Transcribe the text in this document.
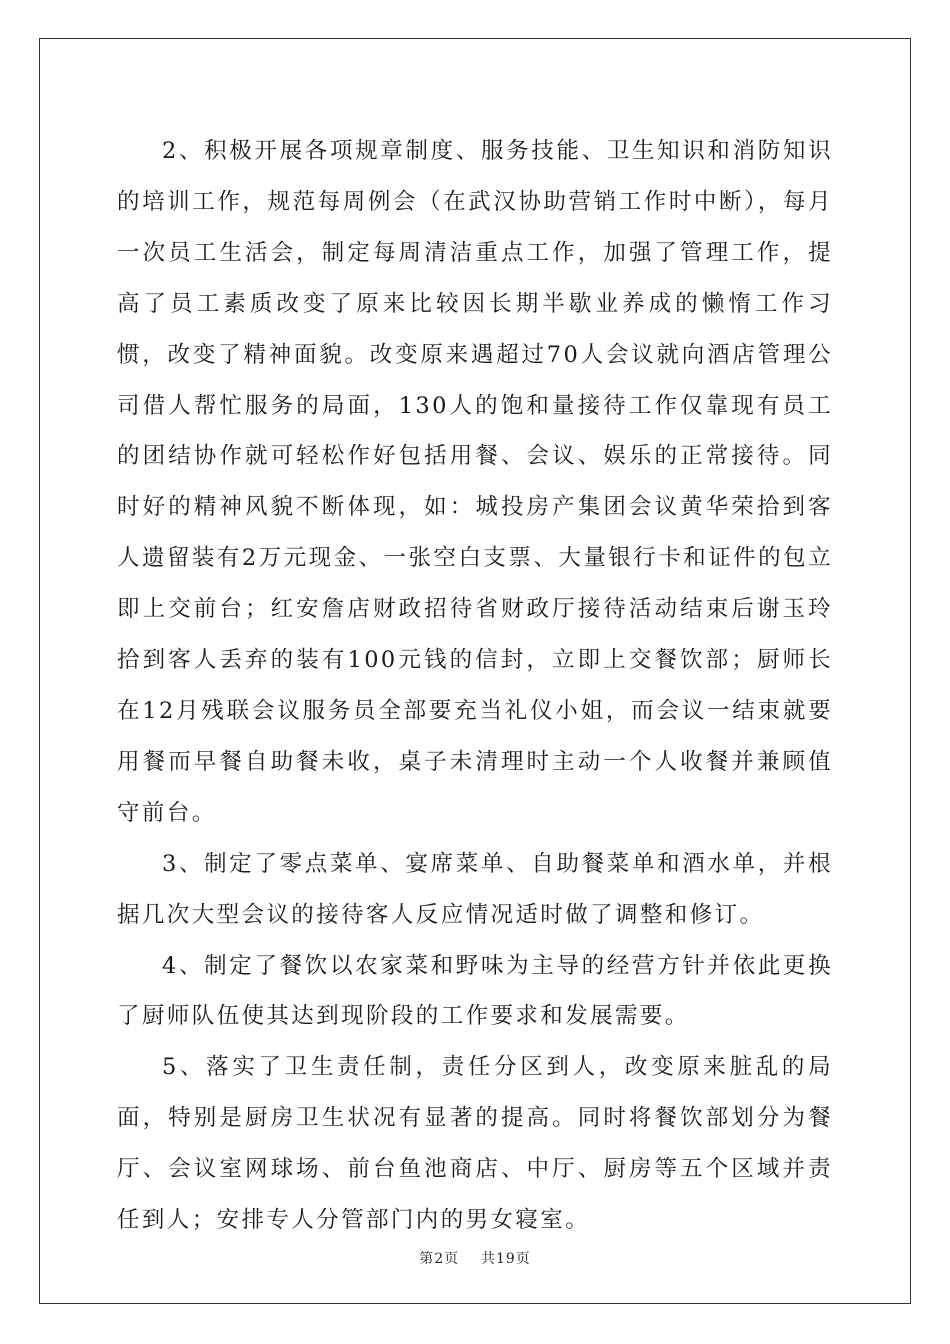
2、积极开展各项规章制度、服务技能、卫生知识和消防知识的培训工作，规范每周例会（在武汉协助营销工作时中断），每月一次员工生活会，制定每周清洁重点工作，加强了管理工作，提高了员工素质改变了原来比较因长期半歇业养成的懒惰工作习惯，改变了精神面貌。改变原来遇超过70人会议就向酒店管理公司借人帮忙服务的局面，130人的饱和量接待工作仅靠现有员工的团结协作就可轻松作好包括用餐、会议、娱乐的正常接待。同时好的精神风貌不断体现，如：城投房产集团会议黄华荣拾到客人遗留装有2万元现金、一张空白支票、大量银行卡和证件的包立即上交前台；红安詹店财政招待省财政厅接待活动结束后谢玉玲拾到客人丢弃的装有100元钱的信封，立即上交餐饮部；厨师长在12月残联会议服务员全部要充当礼仪小姐，而会议一结束就要用餐而早餐自助餐未收，桌子未清理时主动一个人收餐并兼顾值守前台。

3、制定了零点菜单、宴席菜单、自助餐菜单和酒水单，并根据几次大型会议的接待客人反应情况适时做了调整和修订。

4、制定了餐饮以农家菜和野味为主导的经营方针并依此更换了厨师队伍使其达到现阶段的工作要求和发展需要。

5、落实了卫生责任制，责任分区到人，改变原来脏乱的局面，特别是厨房卫生状况有显著的提高。同时将餐饮部划分为餐厅、会议室网球场、前台鱼池商店、中厅、厨房等五个区域并责任到人；安排专人分管部门内的男女寝室。

第2页 共19页
